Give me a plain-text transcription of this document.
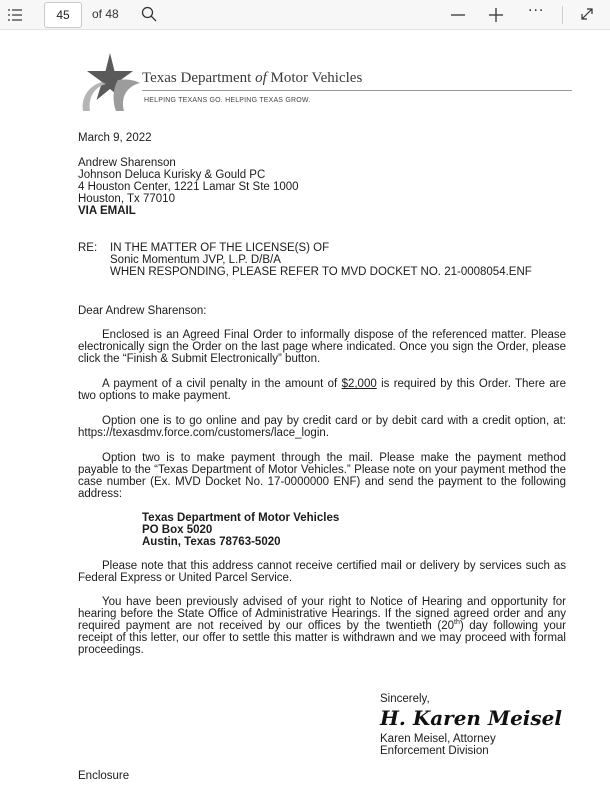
45	of 48	···
Texas Department of Motor Vehicles
HELPING TEXANS GO. HELPING TEXAS GROW.
March 9, 2022
Andrew Sharenson
Johnson Deluca Kurisky & Gould PC
4 Houston Center, 1221 Lamar St Ste 1000
Houston, Tx 77010
VIA EMAIL
RE: IN THE MATTER OF THE LICENSE(S) OF
Sonic Momentum JVP, L.P. D/B/A
WHEN RESPONDING, PLEASE REFER TO MVD DOCKET NO. 21-0008054.ENF
Dear Andrew Sharenson:
Enclosed is an Agreed Final Order to informally dispose of the referenced matter. Please electronically sign the Order on the last page where indicated. Once you sign the Order, please click the “Finish & Submit Electronically” button.
A payment of a civil penalty in the amount of $2,000 is required by this Order. There are two options to make payment.
Option one is to go online and pay by credit card or by debit card with a credit option, at: https://texasdmv.force.com/customers/lace_login.
Option two is to make payment through the mail. Please make the payment method payable to the “Texas Department of Motor Vehicles.” Please note on your payment method the case number (Ex. MVD Docket No. 17-0000000 ENF) and send the payment to the following address:
Texas Department of Motor Vehicles
PO Box 5020
Austin, Texas 78763-5020
Please note that this address cannot receive certified mail or delivery by services such as Federal Express or United Parcel Service.
You have been previously advised of your right to Notice of Hearing and opportunity for hearing before the State Office of Administrative Hearings. If the signed agreed order and any required payment are not received by our offices by the twentieth (20th) day following your receipt of this letter, our offer to settle this matter is withdrawn and we may proceed with formal proceedings.
Sincerely,
H. Karen Meisel
Karen Meisel, Attorney
Enforcement Division
Enclosure
